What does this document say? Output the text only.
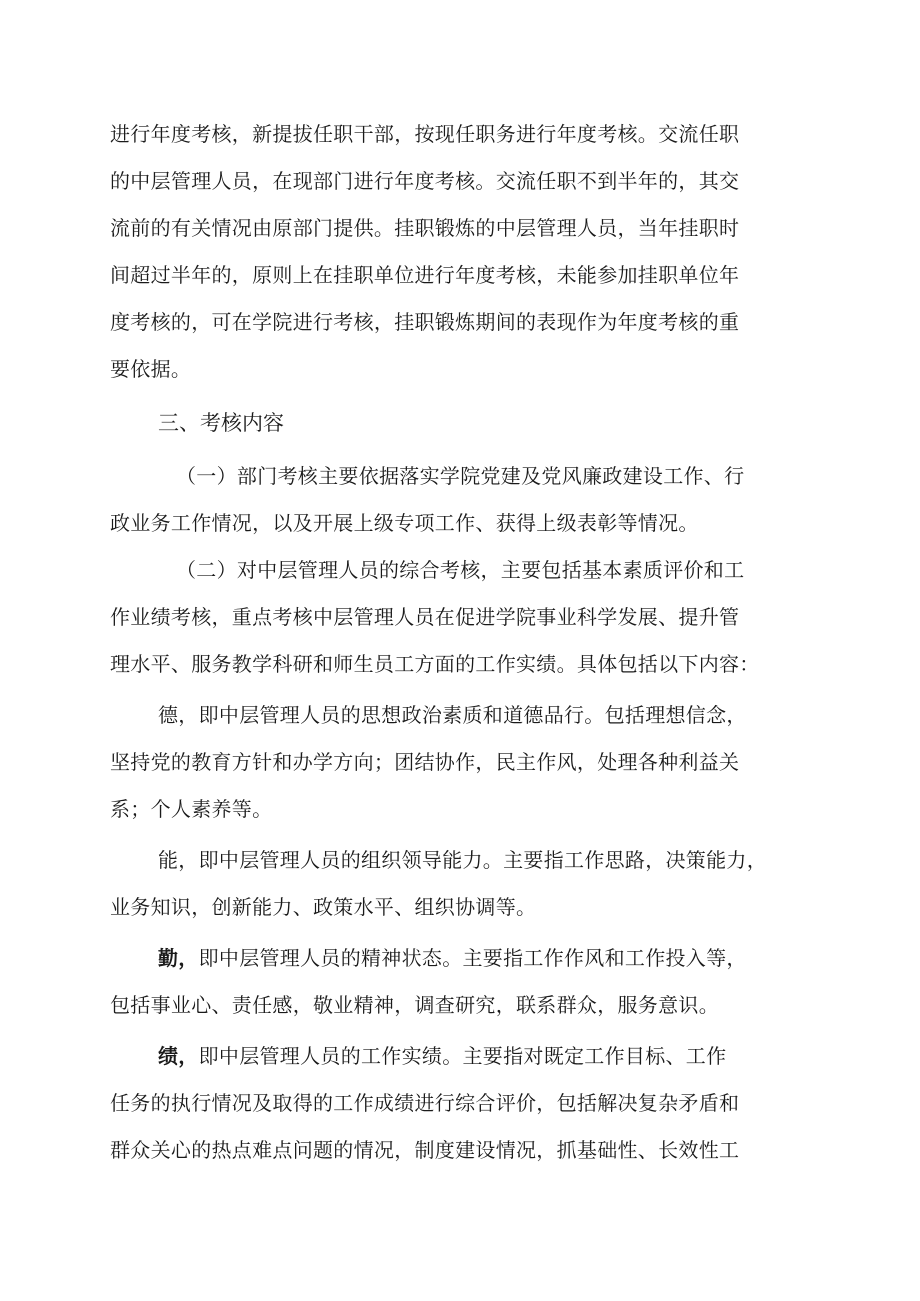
进行年度考核，新提拔任职干部，按现任职务进行年度考核。交流任职
的中层管理人员，在现部门进行年度考核。交流任职不到半年的，其交
流前的有关情况由原部门提供。挂职锻炼的中层管理人员，当年挂职时
间超过半年的，原则上在挂职单位进行年度考核，未能参加挂职单位年
度考核的，可在学院进行考核，挂职锻炼期间的表现作为年度考核的重
要依据。
三、考核内容
（一）部门考核主要依据落实学院党建及党风廉政建设工作、行
政业务工作情况，以及开展上级专项工作、获得上级表彰等情况。
（二）对中层管理人员的综合考核，主要包括基本素质评价和工
作业绩考核，重点考核中层管理人员在促进学院事业科学发展、提升管
理水平、服务教学科研和师生员工方面的工作实绩。具体包括以下内容：
德，即中层管理人员的思想政治素质和道德品行。包括理想信念，
坚持党的教育方针和办学方向；团结协作，民主作风，处理各种利益关
系；个人素养等。
能，即中层管理人员的组织领导能力。主要指工作思路，决策能力，
业务知识，创新能力、政策水平、组织协调等。
勤，即中层管理人员的精神状态。主要指工作作风和工作投入等，
包括事业心、责任感，敬业精神，调查研究，联系群众，服务意识。
绩，即中层管理人员的工作实绩。主要指对既定工作目标、工作
任务的执行情况及取得的工作成绩进行综合评价，包括解决复杂矛盾和
群众关心的热点难点问题的情况，制度建设情况，抓基础性、长效性工
